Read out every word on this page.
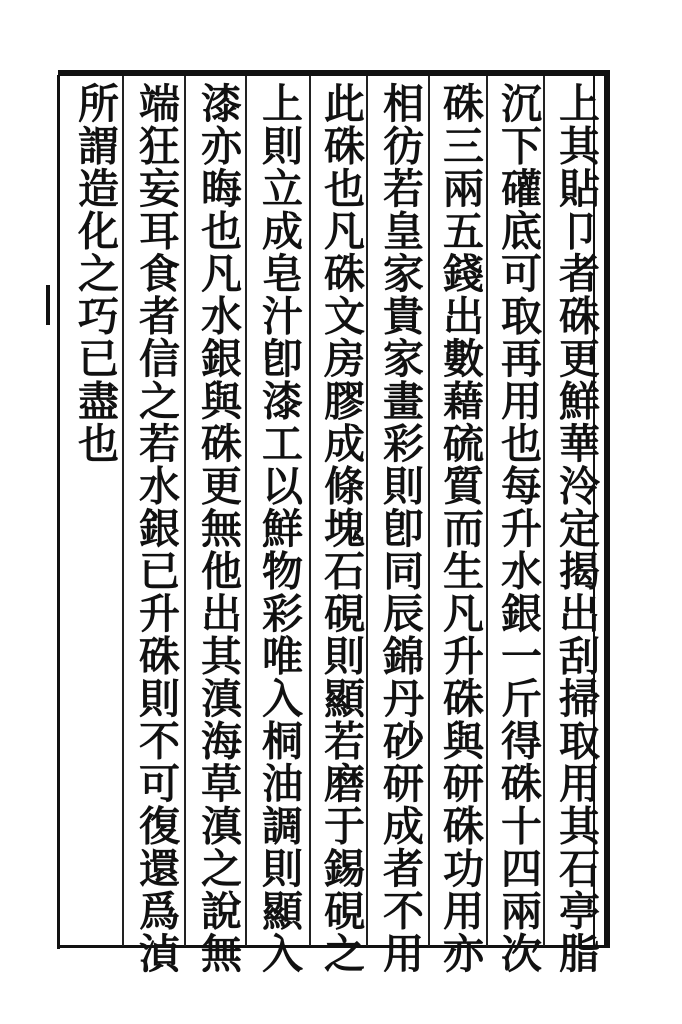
上其貼卩者硃更鮮華泠定揭出刮掃取用其石亭脂
沉下礶底可取再用也每升水銀一斤得硃十四兩次
硃三兩五錢出數藉硫質而生凡升硃與研硃功用亦
相彷若皇家貴家畫彩則卽同辰錦丹砂研成者不用
此硃也凡硃文房膠成條塊石硯則顯若磨于錫硯之
上則立成皂汁卽漆工以鮮物彩唯入桐油調則顯入
漆亦晦也凡水銀與硃更無他出其滇海草滇之說無
端狂妄耳食者信之若水銀已升硃則不可復還爲湞
所謂造化之巧已盡也
